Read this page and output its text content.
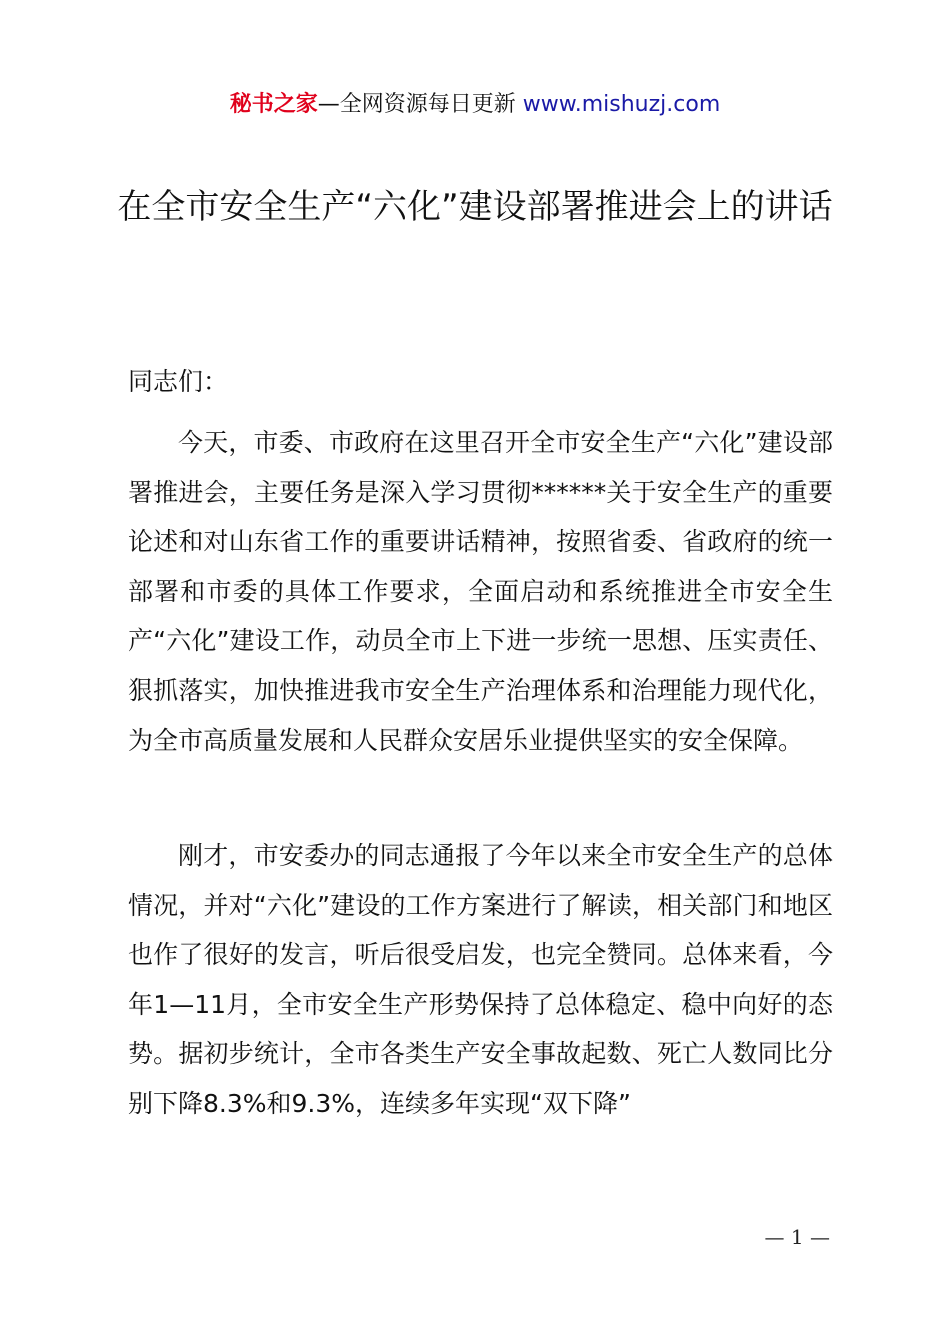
秘书之家—全网资源每日更新 www.mishuzj.com
在全市安全生产“六化”建设部署推进会上的讲话
同志们：

今天，市委、市政府在这里召开全市安全生产“六化”建设部署推进会，主要任务是深入学习贯彻******关于安全生产的重要论述和对山东省工作的重要讲话精神，按照省委、省政府的统一部署和市委的具体工作要求，全面启动和系统推进全市安全生产“六化”建设工作，动员全市上下进一步统一思想、压实责任、狠抓落实，加快推进我市安全生产治理体系和治理能力现代化，为全市高质量发展和人民群众安居乐业提供坚实的安全保障。

刚才，市安委办的同志通报了今年以来全市安全生产的总体情况，并对“六化”建设的工作方案进行了解读，相关部门和地区也作了很好的发言，听后很受启发，也完全赞同。总体来看，今年1—11月，全市安全生产形势保持了总体稳定、稳中向好的态势。据初步统计，全市各类生产安全事故起数、死亡人数同比分别下降8.3%和9.3%，连续多年实现“双下降”

— 1 —
